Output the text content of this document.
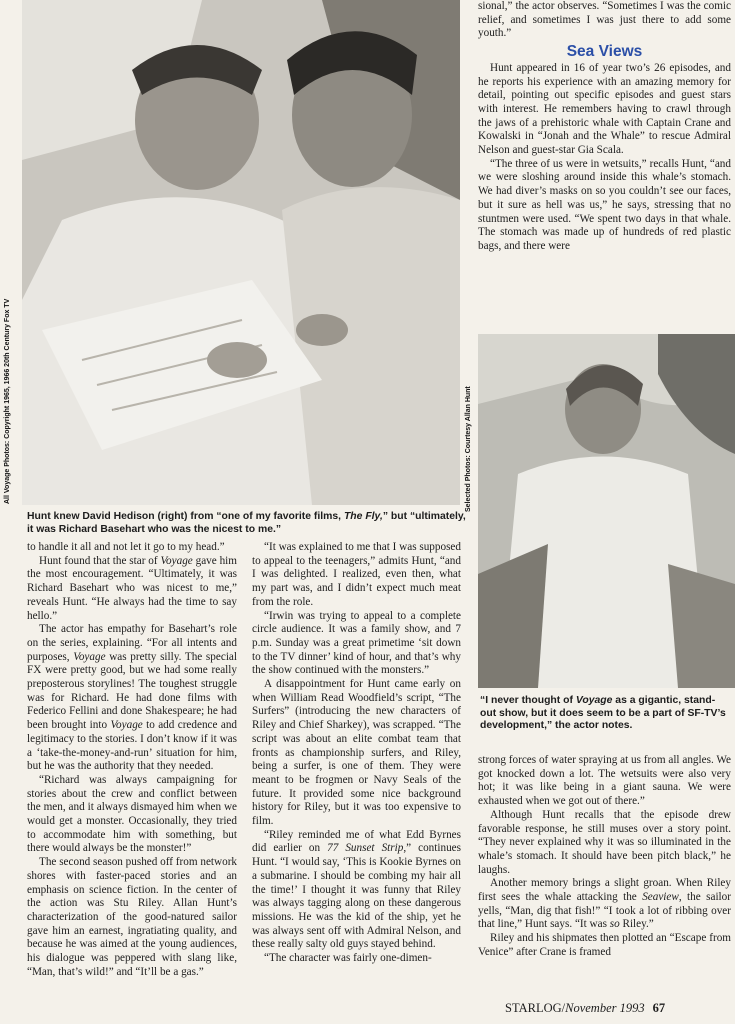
All Voyage Photos: Copyright 1965, 1966 20th Century Fox TV	Selected Photos: Courtesy Allan Hunt
Hunt knew David Hedison (right) from “one of my favorite films, The Fly,” but “ultimately, it was Richard Basehart who was the nicest to me.”
“I never thought of Voyage as a gigantic, stand-out show, but it does seem to be a part of SF-TV’s development,” the actor notes.

to handle it all and not let it go to my head.”

Hunt found that the star of Voyage gave him the most encouragement. “Ultimately, it was Richard Basehart who was nicest to me,” reveals Hunt. “He always had the time to say hello.”

The actor has empathy for Basehart’s role on the series, explaining. “For all intents and purposes, Voyage was pretty silly. The special FX were pretty good, but we had some really preposterous storylines! The toughest struggle was for Richard. He had done films with Federico Fellini and done Shakespeare; he had been brought into Voyage to add credence and legitimacy to the stories. I don’t know if it was a ‘take-the-money-and-run’ situation for him, but he was the authority that they needed.

“Richard was always campaigning for stories about the crew and conflict between the men, and it always dismayed him when we would get a monster. Occasionally, they tried to accommodate him with something, but there would always be the monster!”

The second season pushed off from network shores with faster-paced stories and an emphasis on science fiction. In the center of the action was Stu Riley. Allan Hunt’s characterization of the good-natured sailor gave him an earnest, ingratiating quality, and because he was aimed at the young audiences, his dialogue was peppered with slang like, “Man, that’s wild!” and “It’ll be a gas.”

“It was explained to me that I was supposed to appeal to the teenagers,” admits Hunt, “and I was delighted. I realized, even then, what my part was, and I didn’t expect much meat from the role.

“Irwin was trying to appeal to a complete circle audience. It was a family show, and 7 p.m. Sunday was a great primetime ‘sit down to the TV dinner’ kind of hour, and that’s why the show continued with the monsters.”

A disappointment for Hunt came early on when William Read Woodfield’s script, “The Surfers” (introducing the new characters of Riley and Chief Sharkey), was scrapped. “The script was about an elite combat team that fronts as championship surfers, and Riley, being a surfer, is one of them. They were meant to be frogmen or Navy Seals of the future. It provided some nice background history for Riley, but it was too expensive to film.

“Riley reminded me of what Edd Byrnes did earlier on 77 Sunset Strip,” continues Hunt. “I would say, ‘This is Kookie Byrnes on a submarine. I should be combing my hair all the time!’ I thought it was funny that Riley was always tagging along on these dangerous missions. He was the kid of the ship, yet he was always sent off with Admiral Nelson, and these really salty old guys stayed behind.

“The character was fairly one-dimen-

sional,” the actor observes. “Sometimes I was the comic relief, and sometimes I was just there to add some youth.”

Sea Views

Hunt appeared in 16 of year two’s 26 episodes, and he reports his experience with an amazing memory for detail, pointing out specific episodes and guest stars with interest. He remembers having to crawl through the jaws of a prehistoric whale with Captain Crane and Kowalski in “Jonah and the Whale” to rescue Admiral Nelson and guest-star Gia Scala.

“The three of us were in wetsuits,” recalls Hunt, “and we were sloshing around inside this whale’s stomach. We had diver’s masks on so you couldn’t see our faces, but it sure as hell was us,” he says, stressing that no stuntmen were used. “We spent two days in that whale. The stomach was made up of hundreds of red plastic bags, and there were

strong forces of water spraying at us from all angles. We got knocked down a lot. The wetsuits were also very hot; it was like being in a giant sauna. We were exhausted when we got out of there.”

Although Hunt recalls that the episode drew favorable response, he still muses over a story point. “They never explained why it was so illuminated in the whale’s stomach. It should have been pitch black,” he laughs.

Another memory brings a slight groan. When Riley first sees the whale attacking the Seaview, the sailor yells, “Man, dig that fish!” “I took a lot of ribbing over that line,” Hunt says. “It was so Riley.”

Riley and his shipmates then plotted an “Escape from Venice” after Crane is framed

STARLOG/November 1993 67
